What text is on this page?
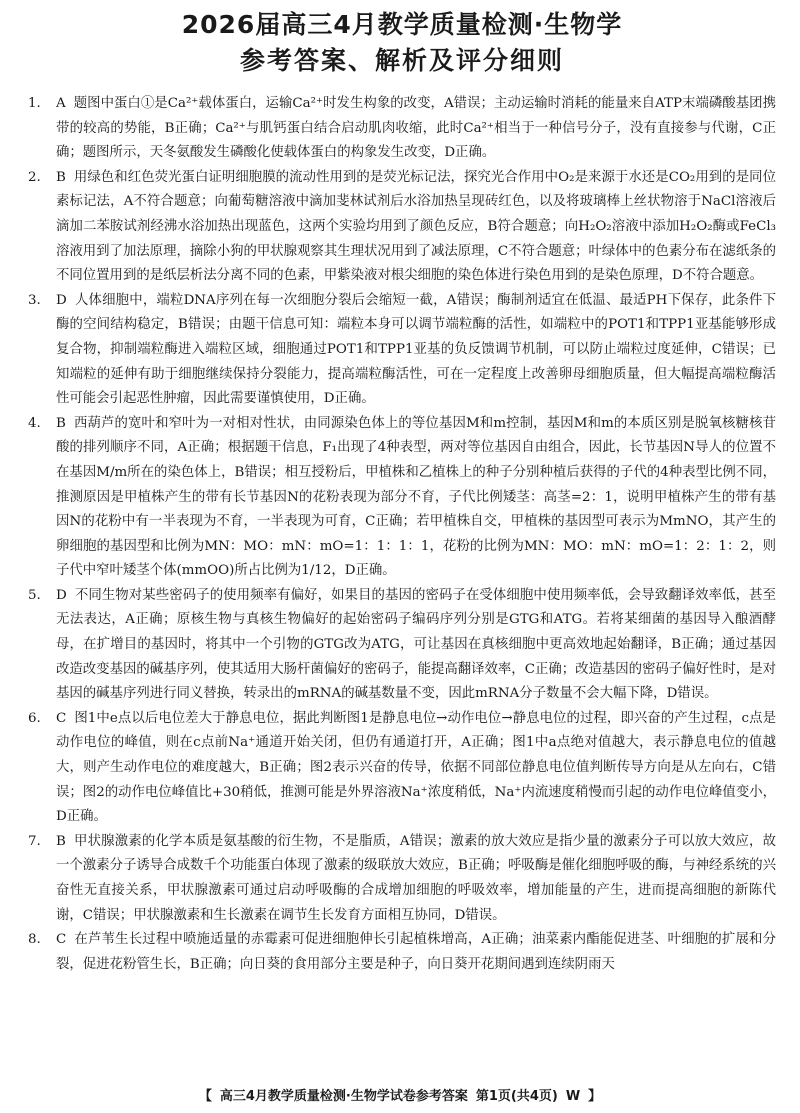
2026届高三4月教学质量检测·生物学
参考答案、解析及评分细则
1.	A 题图中蛋白①是Ca²⁺载体蛋白，运输Ca²⁺时发生构象的改变，A错误；主动运输时消耗的能量来自ATP末端磷酸基团携带的较高的势能，B正确；Ca²⁺与肌钙蛋白结合启动肌肉收缩，此时Ca²⁺相当于一种信号分子，没有直接参与代谢，C正确；题图所示，天冬氨酸发生磷酸化使载体蛋白的构象发生改变，D正确。
2.	B 用绿色和红色荧光蛋白证明细胞膜的流动性用到的是荧光标记法，探究光合作用中O₂是来源于水还是CO₂用到的是同位素标记法，A不符合题意；向葡萄糖溶液中滴加斐林试剂后水浴加热呈现砖红色，以及将玻璃棒上丝状物溶于NaCl溶液后滴加二苯胺试剂经沸水浴加热出现蓝色，这两个实验均用到了颜色反应，B符合题意；向H₂O₂溶液中添加H₂O₂酶或FeCl₃溶液用到了加法原理，摘除小狗的甲状腺观察其生理状况用到了减法原理，C不符合题意；叶绿体中的色素分布在滤纸条的不同位置用到的是纸层析法分离不同的色素，甲紫染液对根尖细胞的染色体进行染色用到的是染色原理，D不符合题意。
3.	D 人体细胞中，端粒DNA序列在每一次细胞分裂后会缩短一截，A错误；酶制剂适宜在低温、最适PH下保存，此条件下酶的空间结构稳定，B错误；由题干信息可知：端粒本身可以调节端粒酶的活性，如端粒中的POT1和TPP1亚基能够形成复合物，抑制端粒酶进入端粒区域，细胞通过POT1和TPP1亚基的负反馈调节机制，可以防止端粒过度延伸，C错误；已知端粒的延伸有助于细胞继续保持分裂能力，提高端粒酶活性，可在一定程度上改善卵母细胞质量，但大幅提高端粒酶活性可能会引起恶性肿瘤，因此需要谨慎使用，D正确。
4.	B 西葫芦的宽叶和窄叶为一对相对性状，由同源染色体上的等位基因M和m控制，基因M和m的本质区别是脱氧核糖核苷酸的排列顺序不同，A正确；根据题干信息，F₁出现了4种表型，两对等位基因自由组合，因此，长节基因N导人的位置不在基因M/m所在的染色体上，B错误；相互授粉后，甲植株和乙植株上的种子分别种植后获得的子代的4种表型比例不同，推测原因是甲植株产生的带有长节基因N的花粉表现为部分不育，子代比例矮茎：高茎=2：1，说明甲植株产生的带有基因N的花粉中有一半表现为不育，一半表现为可育，C正确；若甲植株自交，甲植株的基因型可表示为MmNO，其产生的卵细胞的基因型和比例为MN：MO：mN：mO=1：1：1：1，花粉的比例为MN：MO：mN：mO=1：2：1：2，则子代中窄叶矮茎个体(mmOO)所占比例为1/12，D正确。
5.	D 不同生物对某些密码子的使用频率有偏好，如果目的基因的密码子在受体细胞中使用频率低，会导致翻译效率低，甚至无法表达，A正确；原核生物与真核生物偏好的起始密码子编码序列分别是GTG和ATG。若将某细菌的基因导入酿酒酵母，在扩增目的基因时，将其中一个引物的GTG改为ATG，可让基因在真核细胞中更高效地起始翻译，B正确；通过基因改造改变基因的碱基序列，使其适用大肠杆菌偏好的密码子，能提高翻译效率，C正确；改造基因的密码子偏好性时，是对基因的碱基序列进行同义替换，转录出的mRNA的碱基数量不变，因此mRNA分子数量不会大幅下降，D错误。
6.	C 图1中e点以后电位差大于静息电位，据此判断图1是静息电位→动作电位→静息电位的过程，即兴奋的产生过程，c点是动作电位的峰值，则在c点前Na⁺通道开始关闭，但仍有通道打开，A正确；图1中a点绝对值越大，表示静息电位的值越大，则产生动作电位的难度越大，B正确；图2表示兴奋的传导，依据不同部位静息电位值判断传导方向是从左向右，C错误；图2的动作电位峰值比+30稍低，推测可能是外界溶液Na⁺浓度稍低，Na⁺内流速度稍慢而引起的动作电位峰值变小，D正确。
7.	B 甲状腺激素的化学本质是氨基酸的衍生物，不是脂质，A错误；激素的放大效应是指少量的激素分子可以放大效应，故一个激素分子诱导合成数千个功能蛋白体现了激素的级联放大效应，B正确；呼吸酶是催化细胞呼吸的酶，与神经系统的兴奋性无直接关系，甲状腺激素可通过启动呼吸酶的合成增加细胞的呼吸效率，增加能量的产生，进而提高细胞的新陈代谢，C错误；甲状腺激素和生长激素在调节生长发育方面相互协同，D错误。
8.	C 在芦苇生长过程中喷施适量的赤霉素可促进细胞伸长引起植株增高，A正确；油菜素内酯能促进茎、叶细胞的扩展和分裂，促进花粉管生长，B正确；向日葵的食用部分主要是种子，向日葵开花期间遇到连续阴雨天
【 高三4月教学质量检测·生物学试卷参考答案 第1页(共4页) W 】
